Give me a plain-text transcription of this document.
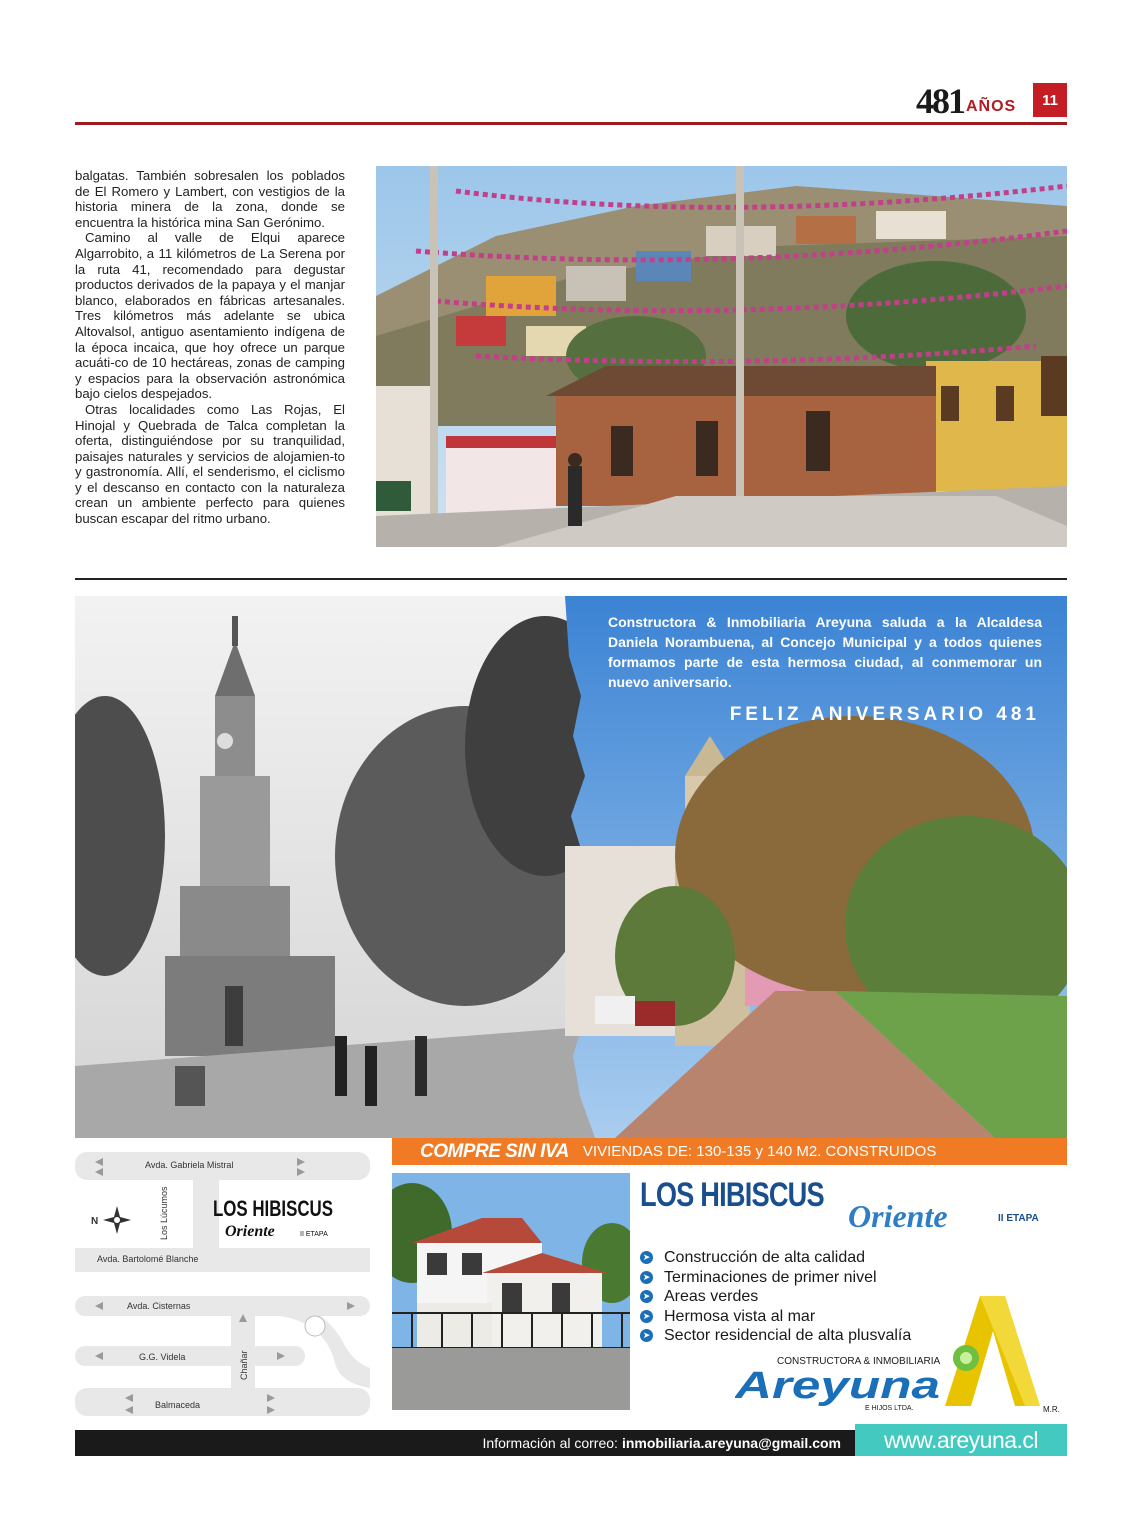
481 AÑOS	11

balgatas. También sobresalen los poblados de El Romero y Lambert, con vestigios de la historia minera de la zona, donde se encuentra la histórica mina San Gerónimo.

Camino al valle de Elqui aparece Algarrobito, a 11 kilómetros de La Serena por la ruta 41, recomendado para degustar productos derivados de la papaya y el manjar blanco, elaborados en fábricas artesanales. Tres kilómetros más adelante se ubica Altovalsol, antiguo asentamiento indígena de la época incaica, que hoy ofrece un parque acuáti-co de 10 hectáreas, zonas de camping y espacios para la observación astronómica bajo cielos despejados.

Otras localidades como Las Rojas, El Hinojal y Quebrada de Talca completan la oferta, distinguiéndose por su tranquilidad, paisajes naturales y servicios de alojamien-to y gastronomía. Allí, el senderismo, el ciclismo y el descanso en contacto con la naturaleza crean un ambiente perfecto para quienes buscan escapar del ritmo urbano.

Constructora & Inmobiliaria Areyuna saluda a la Alcaldesa Daniela Norambuena, al Concejo Municipal y a todos quienes formamos parte de esta hermosa ciudad, al conmemorar un nuevo aniversario.
FELIZ ANIVERSARIO 481
COMPRE SIN IVA VIVIENDAS DE: 130-135 y 140 M2. CONSTRUIDOS
N
Avda. Gabriela Mistral
Avda. Bartolomé Blanche
Avda. Cisternas
G.G. Videla
Balmaceda
Los Lúcumos
Chañar
LOS HIBISCUS
Oriente	II ETAPA
LOS HIBISCUS
Oriente	II ETAPA
➤ Construcción de alta calidad
➤ Terminaciones de primer nivel
➤ Areas verdes
➤ Hermosa vista al mar
➤ Sector residencial de alta plusvalía
CONSTRUCTORA & INMOBILIARIA
Areyuna
E HIJOS LTDA.	M.R.
Información al correo: inmobiliaria.areyuna@gmail.com	www.areyuna.cl
